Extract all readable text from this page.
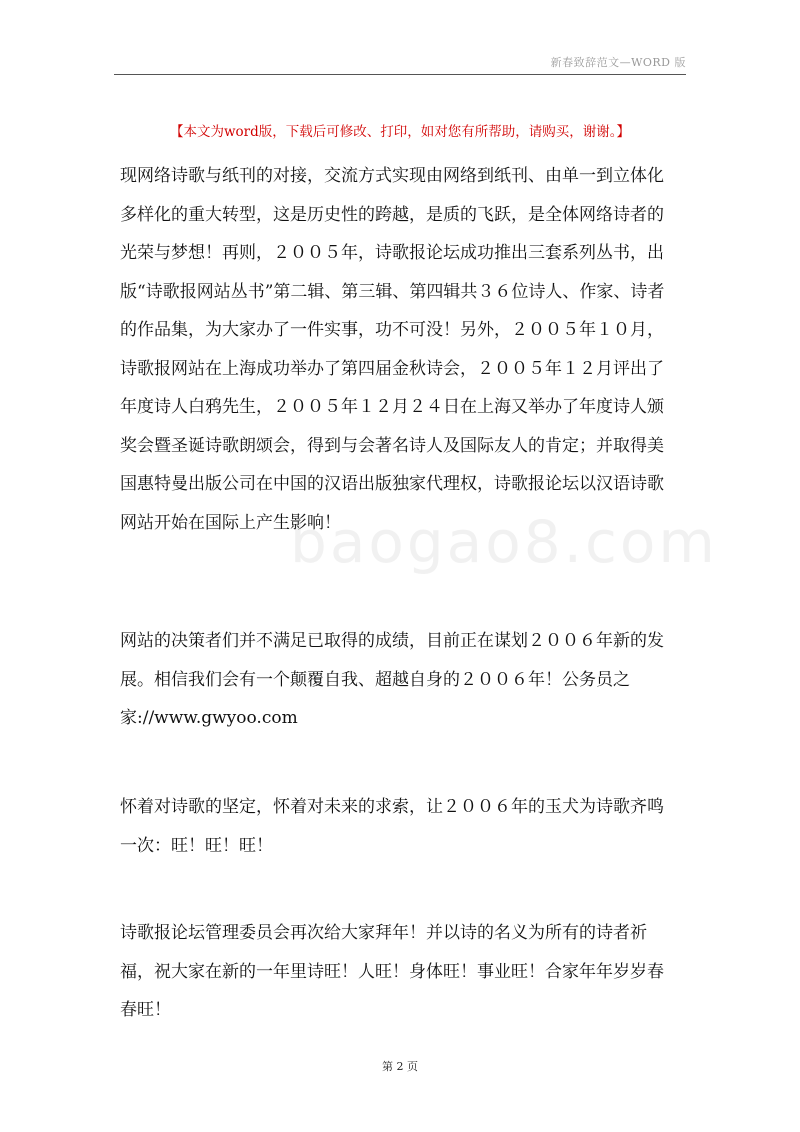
新春致辞范文—WORD 版
【本文为word版，下载后可修改、打印，如对您有所帮助，请购买，谢谢。】

现网络诗歌与纸刊的对接，交流方式实现由网络到纸刊、由单一到立体化多样化的重大转型，这是历史性的跨越，是质的飞跃，是全体网络诗者的光荣与梦想！再则，２００５年，诗歌报论坛成功推出三套系列丛书，出版“诗歌报网站丛书”第二辑、第三辑、第四辑共３６位诗人、作家、诗者的作品集，为大家办了一件实事，功不可没！另外，２００５年１０月，诗歌报网站在上海成功举办了第四届金秋诗会，２００５年１２月评出了年度诗人白鸦先生，２００５年１２月２４日在上海又举办了年度诗人颁奖会暨圣诞诗歌朗颂会，得到与会著名诗人及国际友人的肯定；并取得美国惠特曼出版公司在中国的汉语出版独家代理权，诗歌报论坛以汉语诗歌网站开始在国际上产生影响！

网站的决策者们并不满足已取得的成绩，目前正在谋划２００６年新的发展。相信我们会有一个颠覆自我、超越自身的２００６年！公务员之家://www.gwyoo.com

怀着对诗歌的坚定，怀着对未来的求索，让２００６年的玉犬为诗歌齐鸣一次：旺！旺！旺！

诗歌报论坛管理委员会再次给大家拜年！并以诗的名义为所有的诗者祈福，祝大家在新的一年里诗旺！人旺！身体旺！事业旺！合家年年岁岁春春旺！

baogao8.com
第 2 页
